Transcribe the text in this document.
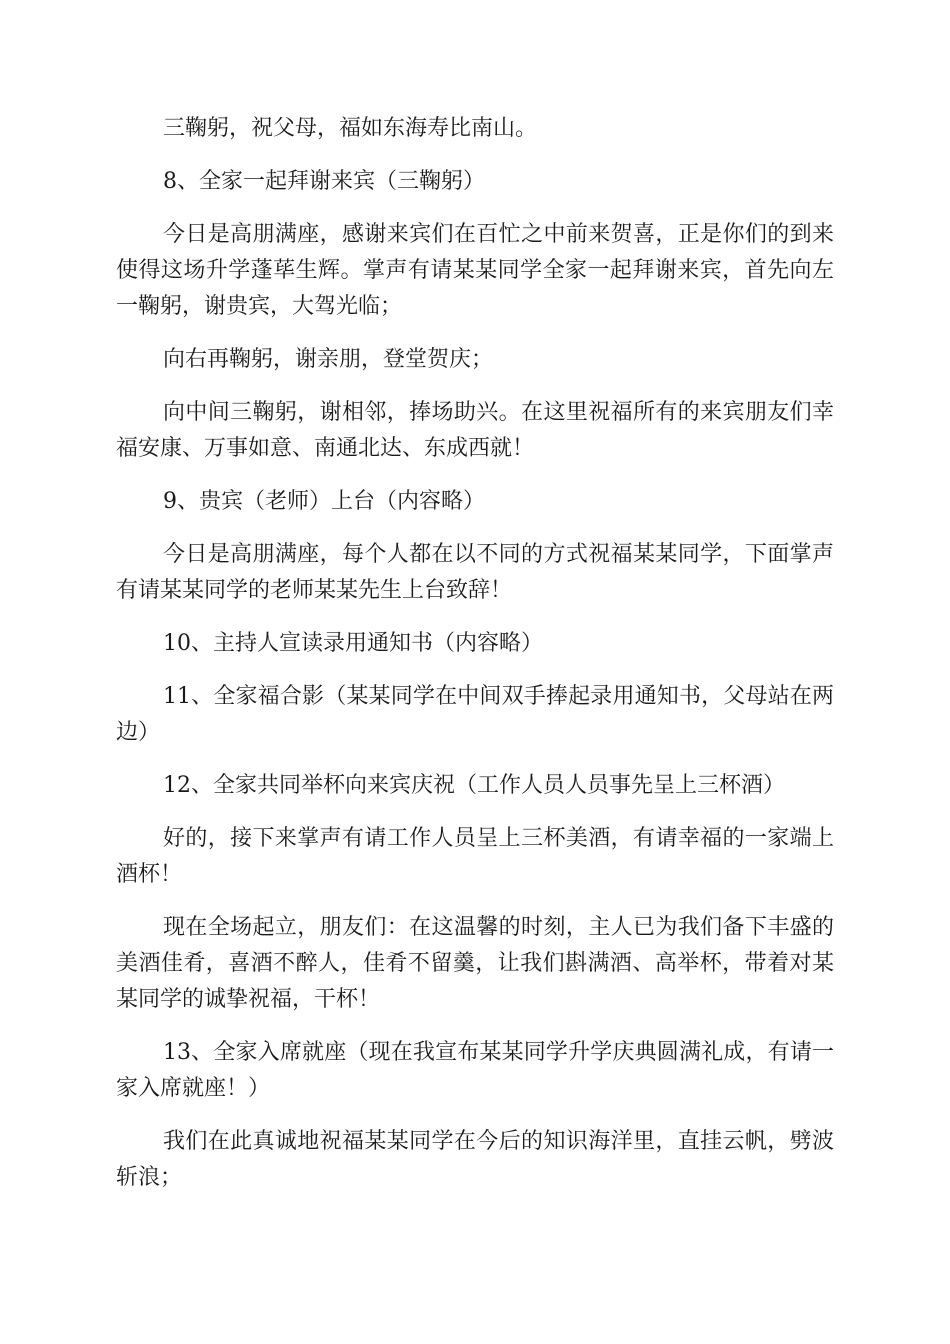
三鞠躬，祝父母，福如东海寿比南山。

8、全家一起拜谢来宾（三鞠躬）

今日是高朋满座，感谢来宾们在百忙之中前来贺喜，正是你们的到来使得这场升学蓬荜生辉。掌声有请某某同学全家一起拜谢来宾，首先向左一鞠躬，谢贵宾，大驾光临；

向右再鞠躬，谢亲朋，登堂贺庆；

向中间三鞠躬，谢相邻，捧场助兴。在这里祝福所有的来宾朋友们幸福安康、万事如意、南通北达、东成西就！

9、贵宾（老师）上台（内容略）

今日是高朋满座，每个人都在以不同的方式祝福某某同学，下面掌声有请某某同学的老师某某先生上台致辞！

10、主持人宣读录用通知书（内容略）

11、全家福合影（某某同学在中间双手捧起录用通知书，父母站在两边）

12、全家共同举杯向来宾庆祝（工作人员人员事先呈上三杯酒）

好的，接下来掌声有请工作人员呈上三杯美酒，有请幸福的一家端上酒杯！

现在全场起立，朋友们：在这温馨的时刻，主人已为我们备下丰盛的美酒佳肴，喜酒不醉人，佳肴不留羹，让我们斟满酒、高举杯，带着对某某同学的诚挚祝福，干杯！

13、全家入席就座（现在我宣布某某同学升学庆典圆满礼成，有请一家入席就座！）

我们在此真诚地祝福某某同学在今后的知识海洋里，直挂云帆，劈波斩浪；
